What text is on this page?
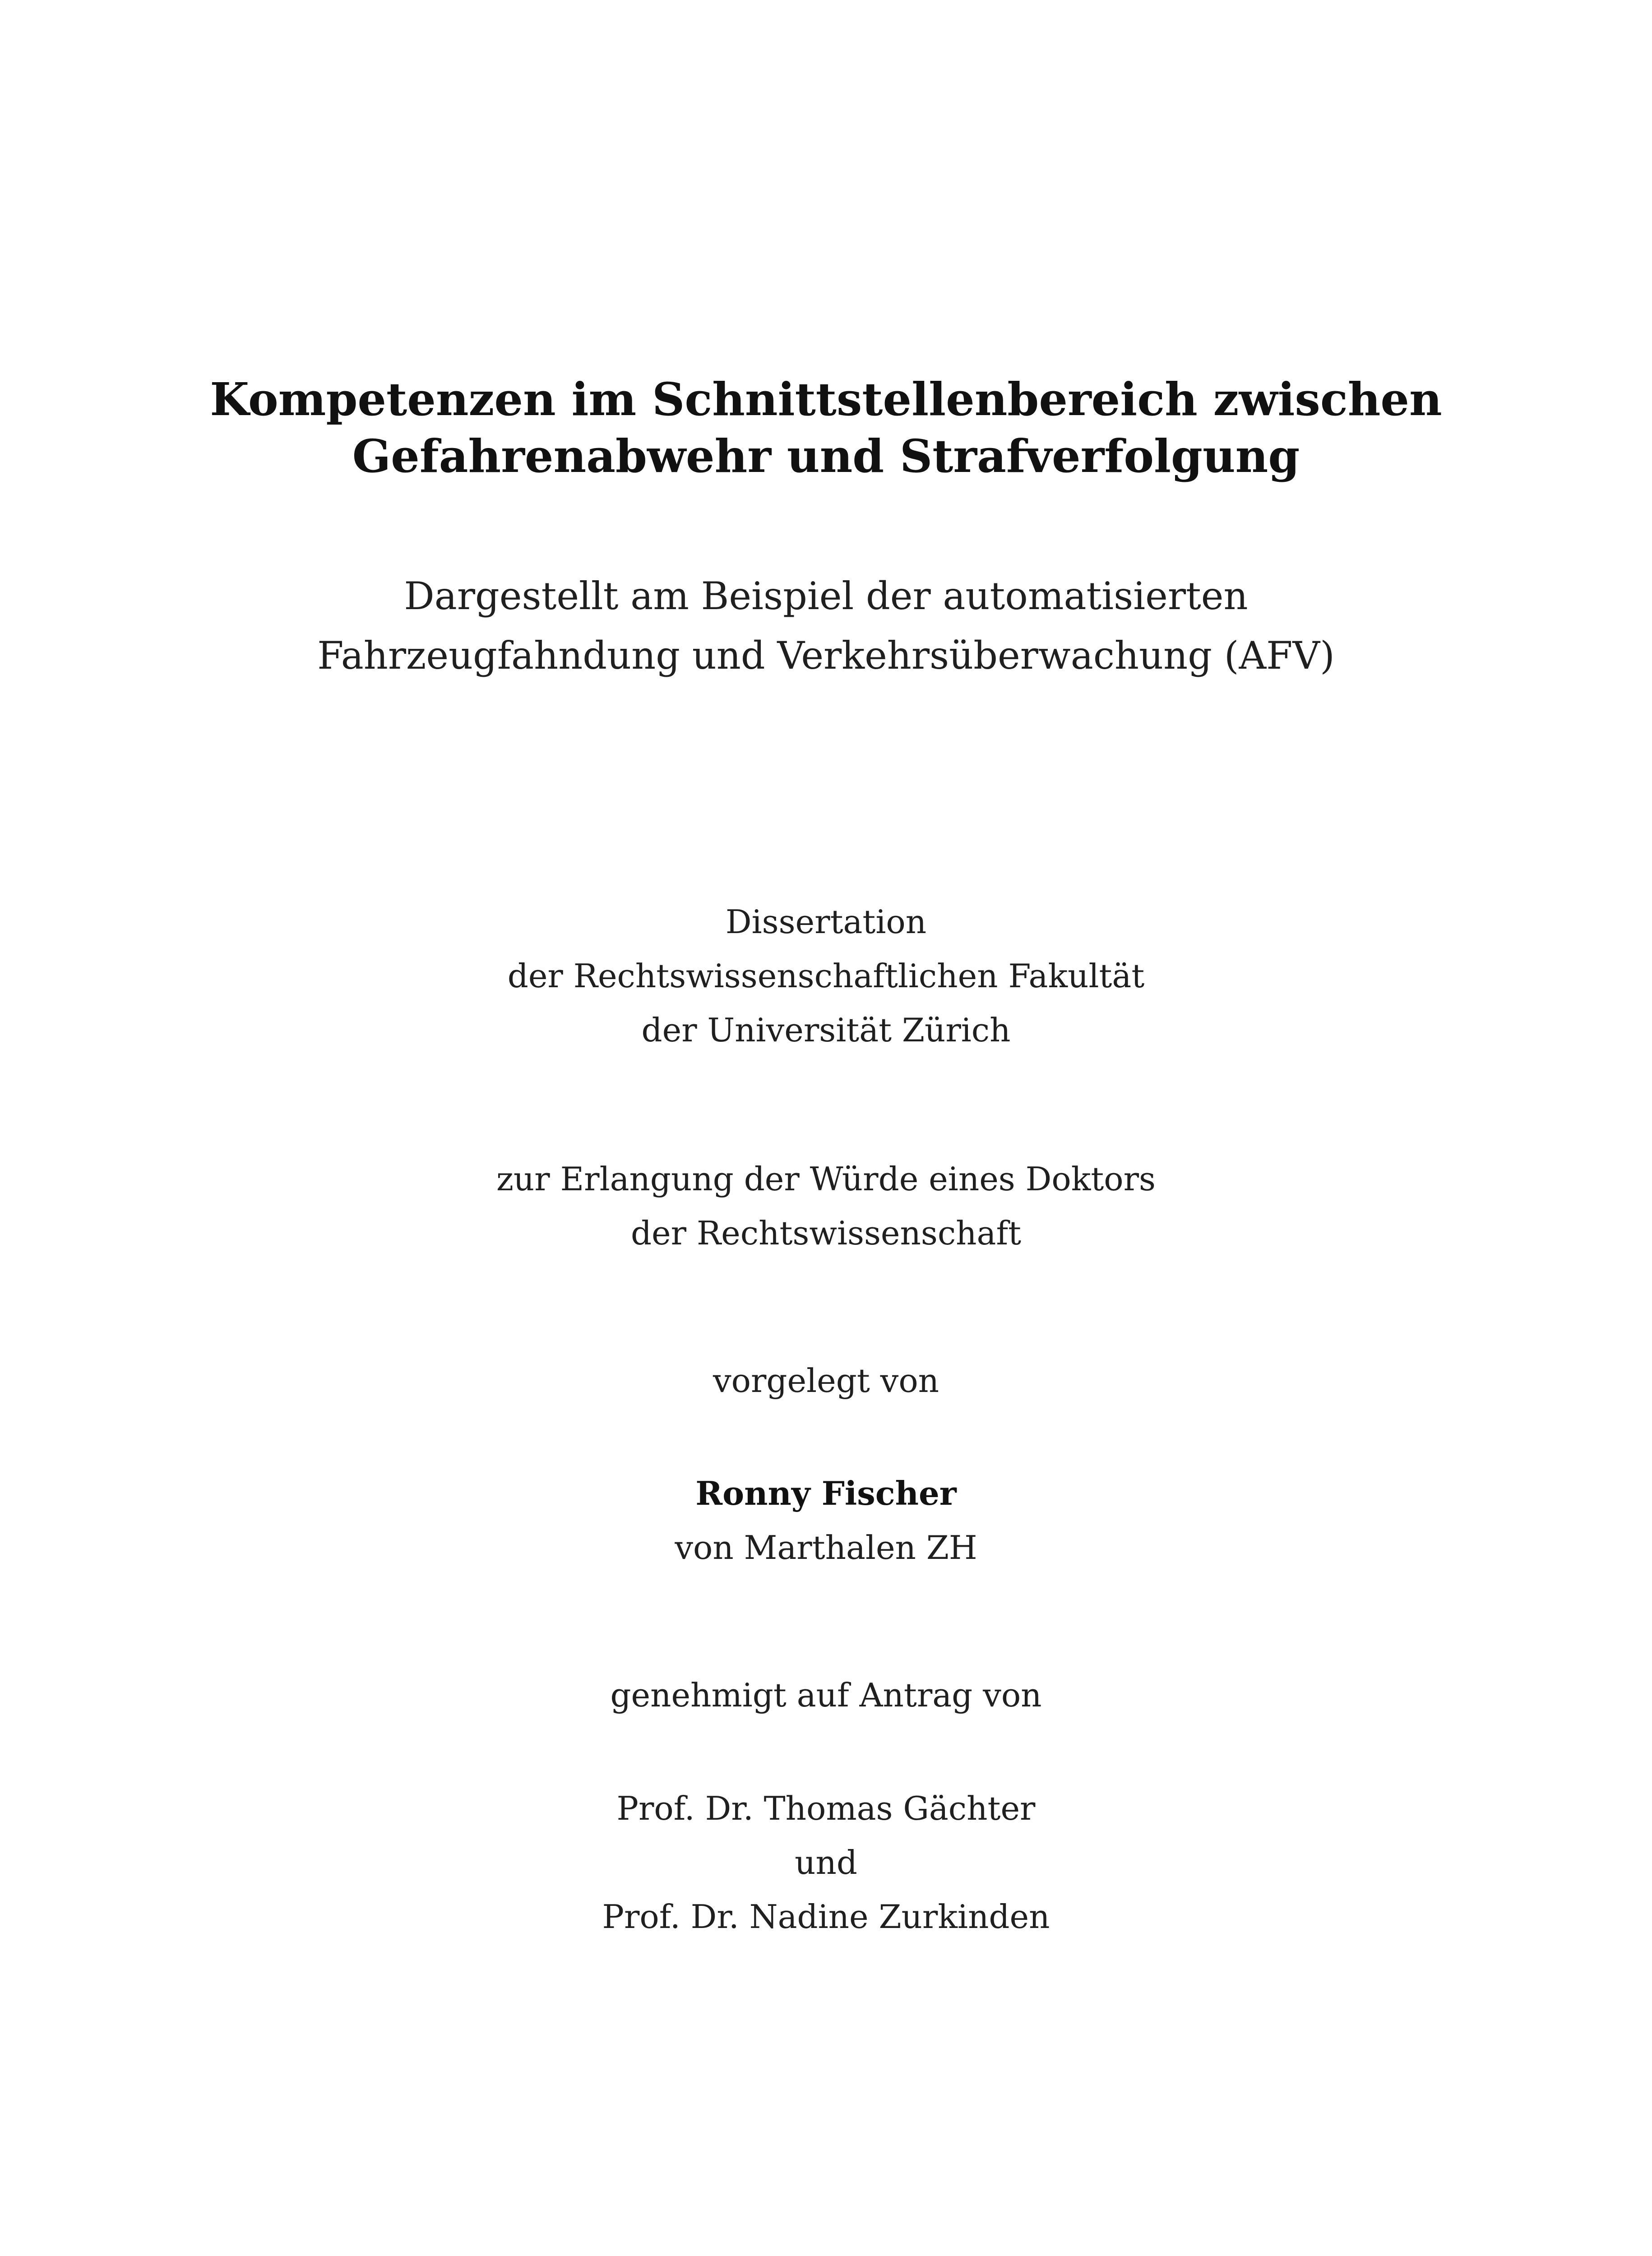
Kompetenzen im Schnittstellenbereich zwischen
Gefahrenabwehr und Strafverfolgung
Dargestellt am Beispiel der automatisierten
Fahrzeugfahndung und Verkehrsüberwachung (AFV)
Dissertation
der Rechtswissenschaftlichen Fakultät
der Universität Zürich
zur Erlangung der Würde eines Doktors
der Rechtswissenschaft
vorgelegt von
Ronny Fischer
von Marthalen ZH
genehmigt auf Antrag von
Prof. Dr. Thomas Gächter
und
Prof. Dr. Nadine Zurkinden
